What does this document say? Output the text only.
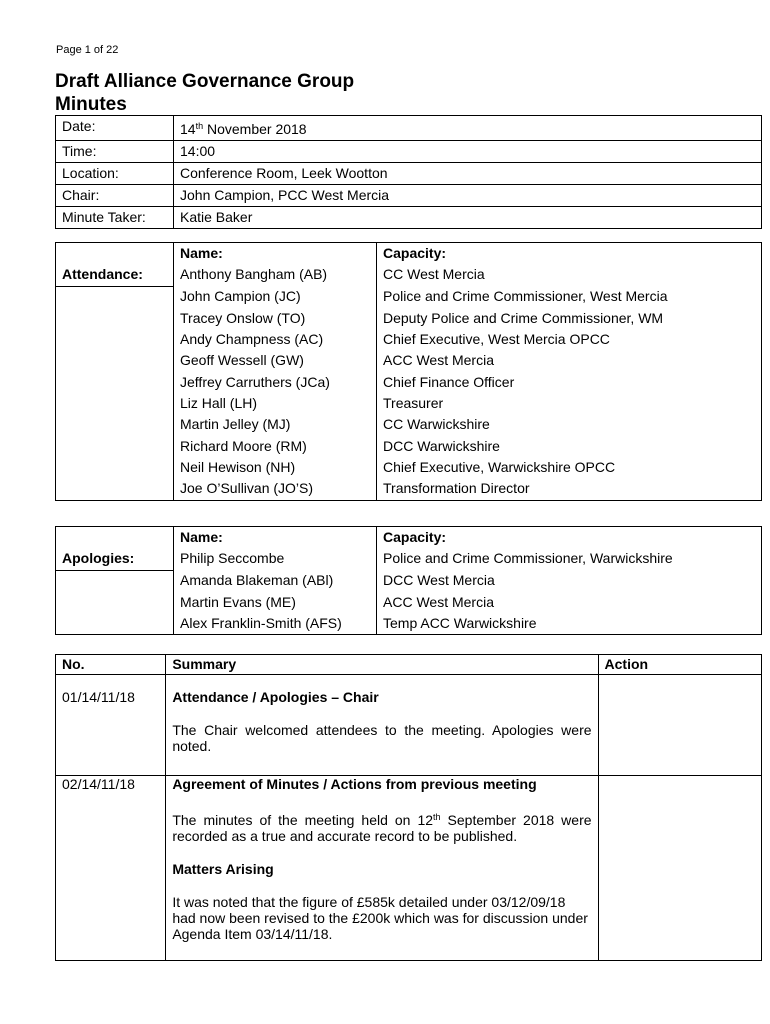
Page 1 of 22
Draft Alliance Governance Group
Minutes
Date:	14th November 2018
Time:	14:00
Location:	Conference Room, Leek Wootton
Chair:	John Campion, PCC West Mercia
Minute Taker:	Katie Baker
	Name:	Capacity:
Attendance:	Anthony Bangham (AB)	CC West Mercia
	John Campion (JC)	Police and Crime Commissioner, West Mercia
	Tracey Onslow (TO)	Deputy Police and Crime Commissioner, WM
	Andy Champness (AC)	Chief Executive, West Mercia OPCC
	Geoff Wessell (GW)	ACC West Mercia
	Jeffrey Carruthers (JCa)	Chief Finance Officer
	Liz Hall (LH)	Treasurer
	Martin Jelley (MJ)	CC Warwickshire
	Richard Moore (RM)	DCC Warwickshire
	Neil Hewison (NH)	Chief Executive, Warwickshire OPCC
	Joe O’Sullivan (JO’S)	Transformation Director
	Name:	Capacity:
Apologies:	Philip Seccombe	Police and Crime Commissioner, Warwickshire
	Amanda Blakeman (ABl)	DCC West Mercia
	Martin Evans (ME)	ACC West Mercia
	Alex Franklin-Smith (AFS)	Temp ACC Warwickshire
No.	Summary	Action

01/14/11/18	Attendance / Apologies – Chair

The Chair welcomed attendees to the meeting. Apologies were noted.	

02/14/11/18	Agreement of Minutes / Actions from previous meeting

The minutes of the meeting held on 12th September 2018 were recorded as a true and accurate record to be published.

Matters Arising

It was noted that the figure of £585k detailed under 03/12/09/18 had now been revised to the £200k which was for discussion under Agenda Item 03/14/11/18.	
